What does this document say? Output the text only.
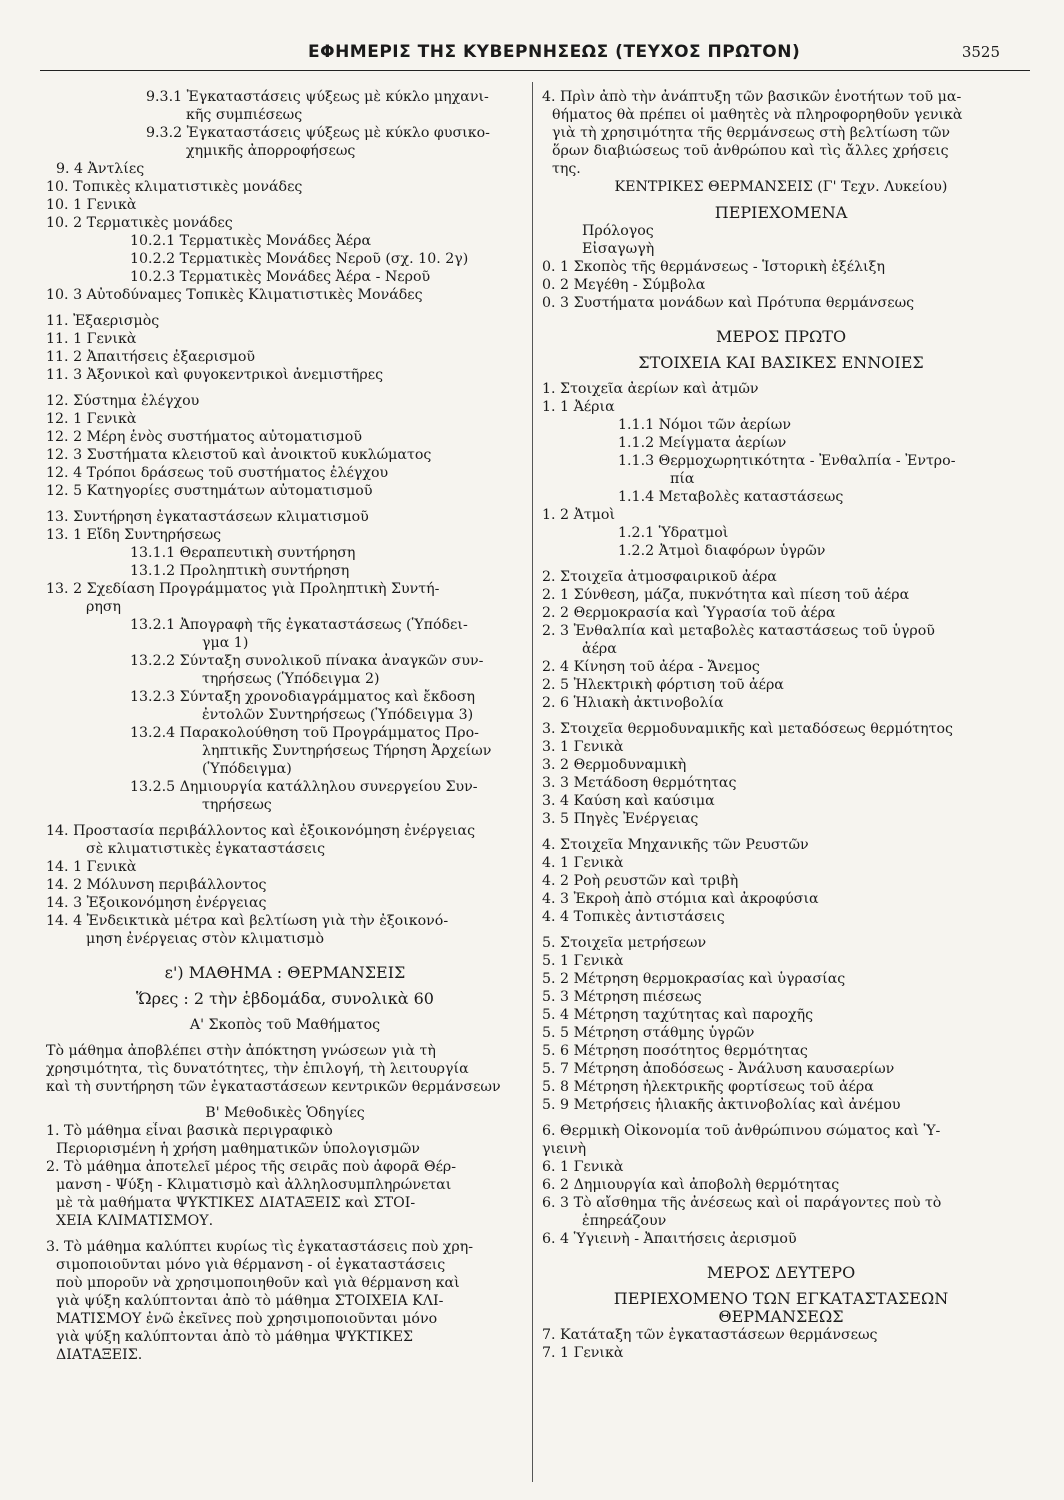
ΕΦΗΜΕΡΙΣ ΤΗΣ ΚΥΒΕΡΝΗΣΕΩΣ (ΤΕΥΧΟΣ ΠΡΩΤΟΝ)	3525
9.3.1 Ἐγκαταστάσεις ψύξεως μὲ κύκλο μηχανι-
κῆς συμπιέσεως
9.3.2 Ἐγκαταστάσεις ψύξεως μὲ κύκλο φυσικο-
χημικῆς ἀπορροφήσεως
9. 4 Ἀντλίες
10. Τοπικὲς κλιματιστικὲς μονάδες
10. 1 Γενικὰ
10. 2 Τερματικὲς μονάδες
10.2.1 Τερματικὲς Μονάδες Ἀέρα
10.2.2 Τερματικὲς Μονάδες Νεροῦ (σχ. 10. 2γ)
10.2.3 Τερματικὲς Μονάδες Ἀέρα - Νεροῦ
10. 3 Αὐτοδύναμες Τοπικὲς Κλιματιστικὲς Μονάδες
11. Ἐξαερισμὸς
11. 1 Γενικὰ
11. 2 Ἀπαιτήσεις ἐξαερισμοῦ
11. 3 Ἀξονικοὶ καὶ φυγοκεντρικοὶ ἀνεμιστῆρες
12. Σύστημα ἐλέγχου
12. 1 Γενικὰ
12. 2 Μέρη ἑνὸς συστήματος αὐτοματισμοῦ
12. 3 Συστήματα κλειστοῦ καὶ ἀνοικτοῦ κυκλώματος
12. 4 Τρόποι δράσεως τοῦ συστήματος ἐλέγχου
12. 5 Κατηγορίες συστημάτων αὐτοματισμοῦ
13. Συντήρηση ἐγκαταστάσεων κλιματισμοῦ
13. 1 Εἴδη Συντηρήσεως
13.1.1 Θεραπευτικὴ συντήρηση
13.1.2 Προληπτικὴ συντήρηση
13. 2 Σχεδίαση Προγράμματος γιὰ Προληπτικὴ Συντή-
ρηση
13.2.1 Ἀπογραφὴ τῆς ἐγκαταστάσεως (Ὑπόδει-
γμα 1)
13.2.2 Σύνταξη συνολικοῦ πίνακα ἀναγκῶν συν-
τηρήσεως (Ὑπόδειγμα 2)
13.2.3 Σύνταξη χρονοδιαγράμματος καὶ ἔκδοση
ἐντολῶν Συντηρήσεως (Ὑπόδειγμα 3)
13.2.4 Παρακολούθηση τοῦ Προγράμματος Προ-
ληπτικῆς Συντηρήσεως Τήρηση Ἀρχείων
(Ὑπόδειγμα)
13.2.5 Δημιουργία κατάλληλου συνεργείου Συν-
τηρήσεως
14. Προστασία περιβάλλοντος καὶ ἐξοικονόμηση ἐνέργειας
σὲ κλιματιστικὲς ἐγκαταστάσεις
14. 1 Γενικὰ
14. 2 Μόλυνση περιβάλλοντος
14. 3 Ἐξοικονόμηση ἐνέργειας
14. 4 Ἐνδεικτικὰ μέτρα καὶ βελτίωση γιὰ τὴν ἐξοικονό-
μηση ἐνέργειας στὸν κλιματισμὸ
ε') ΜΑΘΗΜΑ : ΘΕΡΜΑΝΣΕΙΣ
Ὥρες : 2 τὴν ἑβδομάδα, συνολικὰ 60
Α' Σκοπὸς τοῦ Μαθήματος
Τὸ μάθημα ἀποβλέπει στὴν ἀπόκτηση γνώσεων γιὰ τὴ
χρησιμότητα, τὶς δυνατότητες, τὴν ἐπιλογή, τὴ λειτουργία
καὶ τὴ συντήρηση τῶν ἐγκαταστάσεων κεντρικῶν θερμάνσεων
Β' Μεθοδικὲς Ὁδηγίες
1. Τὸ μάθημα εἶναι βασικὰ περιγραφικὸ
Περιορισμένη ἡ χρήση μαθηματικῶν ὑπολογισμῶν
2. Τὸ μάθημα ἀποτελεῖ μέρος τῆς σειρᾶς ποὺ ἀφορᾶ Θέρ-
μανση - Ψύξη - Κλιματισμὸ καὶ ἀλληλοσυμπληρώνεται
μὲ τὰ μαθήματα ΨΥΚΤΙΚΕΣ ΔΙΑΤΑΞΕΙΣ καὶ ΣΤΟΙ-
ΧΕΙΑ ΚΛΙΜΑΤΙΣΜΟΥ.
3. Τὸ μάθημα καλύπτει κυρίως τὶς ἐγκαταστάσεις ποὺ χρη-
σιμοποιοῦνται μόνο γιὰ θέρμανση - οἱ ἐγκαταστάσεις
ποὺ μποροῦν νὰ χρησιμοποιηθοῦν καὶ γιὰ θέρμανση καὶ
γιὰ ψύξη καλύπτονται ἀπὸ τὸ μάθημα ΣΤΟΙΧΕΙΑ ΚΛΙ-
ΜΑΤΙΣΜΟΥ ἐνῶ ἐκεῖνες ποὺ χρησιμοποιοῦνται μόνο
γιὰ ψύξη καλύπτονται ἀπὸ τὸ μάθημα ΨΥΚΤΙΚΕΣ
ΔΙΑΤΑΞΕΙΣ.
4. Πρὶν ἀπὸ τὴν ἀνάπτυξη τῶν βασικῶν ἑνοτήτων τοῦ μα-
θήματος θὰ πρέπει οἱ μαθητὲς νὰ πληροφορηθοῦν γενικὰ
γιὰ τὴ χρησιμότητα τῆς θερμάνσεως στὴ βελτίωση τῶν
ὅρων διαβιώσεως τοῦ ἀνθρώπου καὶ τὶς ἄλλες χρήσεις
της.
ΚΕΝΤΡΙΚΕΣ ΘΕΡΜΑΝΣΕΙΣ (Γ' Τεχν. Λυκείου)
ΠΕΡΙΕΧΟΜΕΝΑ
Πρόλογος
Εἰσαγωγὴ
0. 1 Σκοπὸς τῆς θερμάνσεως - Ἱστορικὴ ἐξέλιξη
0. 2 Μεγέθη - Σύμβολα
0. 3 Συστήματα μονάδων καὶ Πρότυπα θερμάνσεως
ΜΕΡΟΣ ΠΡΩΤΟ
ΣΤΟΙΧΕΙΑ ΚΑΙ ΒΑΣΙΚΕΣ ΕΝΝΟΙΕΣ
1. Στοιχεῖα ἀερίων καὶ ἀτμῶν
1. 1 Ἀέρια
1.1.1 Νόμοι τῶν ἀερίων
1.1.2 Μείγματα ἀερίων
1.1.3 Θερμοχωρητικότητα - Ἐνθαλπία - Ἐντρο-
πία
1.1.4 Μεταβολὲς καταστάσεως
1. 2 Ἀτμοὶ
1.2.1 Ὑδρατμοὶ
1.2.2 Ἀτμοὶ διαφόρων ὑγρῶν
2. Στοιχεῖα ἀτμοσφαιρικοῦ ἀέρα
2. 1 Σύνθεση, μάζα, πυκνότητα καὶ πίεση τοῦ ἀέρα
2. 2 Θερμοκρασία καὶ Ὑγρασία τοῦ ἀέρα
2. 3 Ἐνθαλπία καὶ μεταβολὲς καταστάσεως τοῦ ὑγροῦ
ἀέρα
2. 4 Κίνηση τοῦ ἀέρα - Ἄνεμος
2. 5 Ἠλεκτρικὴ φόρτιση τοῦ ἀέρα
2. 6 Ἡλιακὴ ἀκτινοβολία
3. Στοιχεῖα θερμοδυναμικῆς καὶ μεταδόσεως θερμότητος
3. 1 Γενικὰ
3. 2 Θερμοδυναμικὴ
3. 3 Μετάδοση θερμότητας
3. 4 Καύση καὶ καύσιμα
3. 5 Πηγὲς Ἐνέργειας
4. Στοιχεῖα Μηχανικῆς τῶν Ρευστῶν
4. 1 Γενικὰ
4. 2 Ροὴ ρευστῶν καὶ τριβὴ
4. 3 Ἐκροὴ ἀπὸ στόμια καὶ ἀκροφύσια
4. 4 Τοπικὲς ἀντιστάσεις
5. Στοιχεῖα μετρήσεων
5. 1 Γενικὰ
5. 2 Μέτρηση θερμοκρασίας καὶ ὑγρασίας
5. 3 Μέτρηση πιέσεως
5. 4 Μέτρηση ταχύτητας καὶ παροχῆς
5. 5 Μέτρηση στάθμης ὑγρῶν
5. 6 Μέτρηση ποσότητος θερμότητας
5. 7 Μέτρηση ἀποδόσεως - Ἀνάλυση καυσαερίων
5. 8 Μέτρηση ἠλεκτρικῆς φορτίσεως τοῦ ἀέρα
5. 9 Μετρήσεις ἡλιακῆς ἀκτινοβολίας καὶ ἀνέμου
6. Θερμικὴ Οἰκονομία τοῦ ἀνθρώπινου σώματος καὶ Ὑ-
γιεινὴ
6. 1 Γενικὰ
6. 2 Δημιουργία καὶ ἀποβολὴ θερμότητας
6. 3 Τὸ αἴσθημα τῆς ἀνέσεως καὶ οἱ παράγοντες ποὺ τὸ
ἐπηρεάζουν
6. 4 Ὑγιεινὴ - Ἀπαιτήσεις ἀερισμοῦ
ΜΕΡΟΣ ΔΕΥΤΕΡΟ
ΠΕΡΙΕΧΟΜΕΝΟ ΤΩΝ ΕΓΚΑΤΑΣΤΑΣΕΩΝ
ΘΕΡΜΑΝΣΕΩΣ
7. Κατάταξη τῶν ἐγκαταστάσεων θερμάνσεως
7. 1 Γενικὰ
